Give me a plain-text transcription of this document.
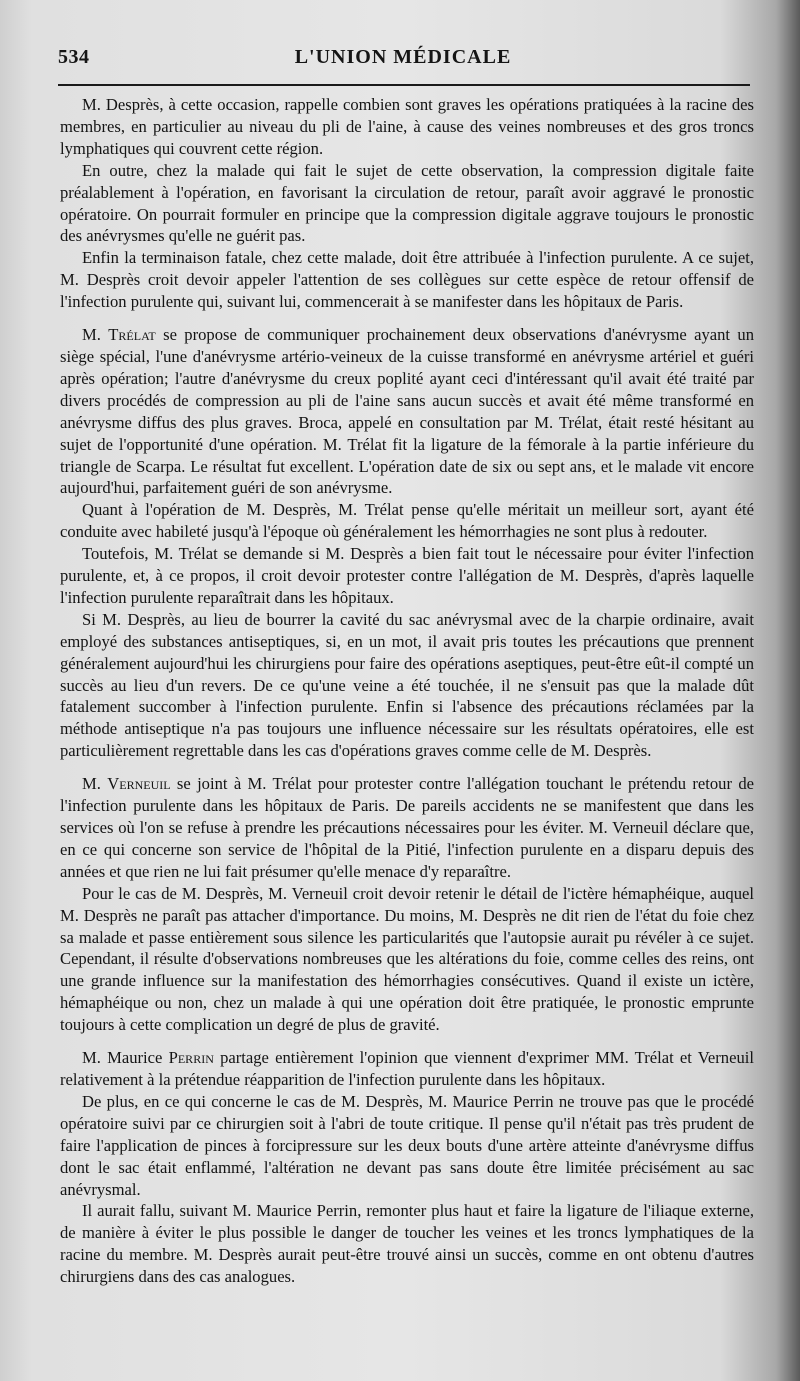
534	L'UNION MÉDICALE

M. Desprès, à cette occasion, rappelle combien sont graves les opérations pratiquées à la racine des membres, en particulier au niveau du pli de l'aine, à cause des veines nombreuses et des gros troncs lymphatiques qui couvrent cette région.

En outre, chez la malade qui fait le sujet de cette observation, la compression digitale faite préalablement à l'opération, en favorisant la circulation de retour, paraît avoir aggravé le pronostic opératoire. On pourrait formuler en principe que la compression digitale aggrave toujours le pronostic des anévrysmes qu'elle ne guérit pas.

Enfin la terminaison fatale, chez cette malade, doit être attribuée à l'infection purulente. A ce sujet, M. Desprès croit devoir appeler l'attention de ses collègues sur cette espèce de retour offensif de l'infection purulente qui, suivant lui, commencerait à se manifester dans les hôpitaux de Paris.

M. Trélat se propose de communiquer prochainement deux observations d'anévrysme ayant un siège spécial, l'une d'anévrysme artério-veineux de la cuisse transformé en anévrysme artériel et guéri après opération; l'autre d'anévrysme du creux poplité ayant ceci d'intéressant qu'il avait été traité par divers procédés de compression au pli de l'aine sans aucun succès et avait été même transformé en anévrysme diffus des plus graves. Broca, appelé en consultation par M. Trélat, était resté hésitant au sujet de l'opportunité d'une opération. M. Trélat fit la ligature de la fémorale à la partie inférieure du triangle de Scarpa. Le résultat fut excellent. L'opération date de six ou sept ans, et le malade vit encore aujourd'hui, parfaitement guéri de son anévrysme.

Quant à l'opération de M. Desprès, M. Trélat pense qu'elle méritait un meilleur sort, ayant été conduite avec habileté jusqu'à l'époque où généralement les hémorrhagies ne sont plus à redouter.

Toutefois, M. Trélat se demande si M. Desprès a bien fait tout le nécessaire pour éviter l'infection purulente, et, à ce propos, il croit devoir protester contre l'allégation de M. Desprès, d'après laquelle l'infection purulente reparaîtrait dans les hôpitaux.

Si M. Desprès, au lieu de bourrer la cavité du sac anévrysmal avec de la charpie ordinaire, avait employé des substances antiseptiques, si, en un mot, il avait pris toutes les précautions que prennent généralement aujourd'hui les chirurgiens pour faire des opérations aseptiques, peut-être eût-il compté un succès au lieu d'un revers. De ce qu'une veine a été touchée, il ne s'ensuit pas que la malade dût fatalement succomber à l'infection purulente. Enfin si l'absence des précautions réclamées par la méthode antiseptique n'a pas toujours une influence nécessaire sur les résultats opératoires, elle est particulièrement regrettable dans les cas d'opérations graves comme celle de M. Desprès.

M. Verneuil se joint à M. Trélat pour protester contre l'allégation touchant le prétendu retour de l'infection purulente dans les hôpitaux de Paris. De pareils accidents ne se manifestent que dans les services où l'on se refuse à prendre les précautions nécessaires pour les éviter. M. Verneuil déclare que, en ce qui concerne son service de l'hôpital de la Pitié, l'infection purulente en a disparu depuis des années et que rien ne lui fait présumer qu'elle menace d'y reparaître.

Pour le cas de M. Desprès, M. Verneuil croit devoir retenir le détail de l'ictère hémaphéique, auquel M. Desprès ne paraît pas attacher d'importance. Du moins, M. Desprès ne dit rien de l'état du foie chez sa malade et passe entièrement sous silence les particularités que l'autopsie aurait pu révéler à ce sujet. Cependant, il résulte d'observations nombreuses que les altérations du foie, comme celles des reins, ont une grande influence sur la manifestation des hémorrhagies consécutives. Quand il existe un ictère, hémaphéique ou non, chez un malade à qui une opération doit être pratiquée, le pronostic emprunte toujours à cette complication un degré de plus de gravité.

M. Maurice Perrin partage entièrement l'opinion que viennent d'exprimer MM. Trélat et Verneuil relativement à la prétendue réapparition de l'infection purulente dans les hôpitaux.

De plus, en ce qui concerne le cas de M. Desprès, M. Maurice Perrin ne trouve pas que le procédé opératoire suivi par ce chirurgien soit à l'abri de toute critique. Il pense qu'il n'était pas très prudent de faire l'application de pinces à forcipressure sur les deux bouts d'une artère atteinte d'anévrysme diffus dont le sac était enflammé, l'altération ne devant pas sans doute être limitée précisément au sac anévrysmal.

Il aurait fallu, suivant M. Maurice Perrin, remonter plus haut et faire la ligature de l'iliaque externe, de manière à éviter le plus possible le danger de toucher les veines et les troncs lymphatiques de la racine du membre. M. Desprès aurait peut-être trouvé ainsi un succès, comme en ont obtenu d'autres chirurgiens dans des cas analogues.
